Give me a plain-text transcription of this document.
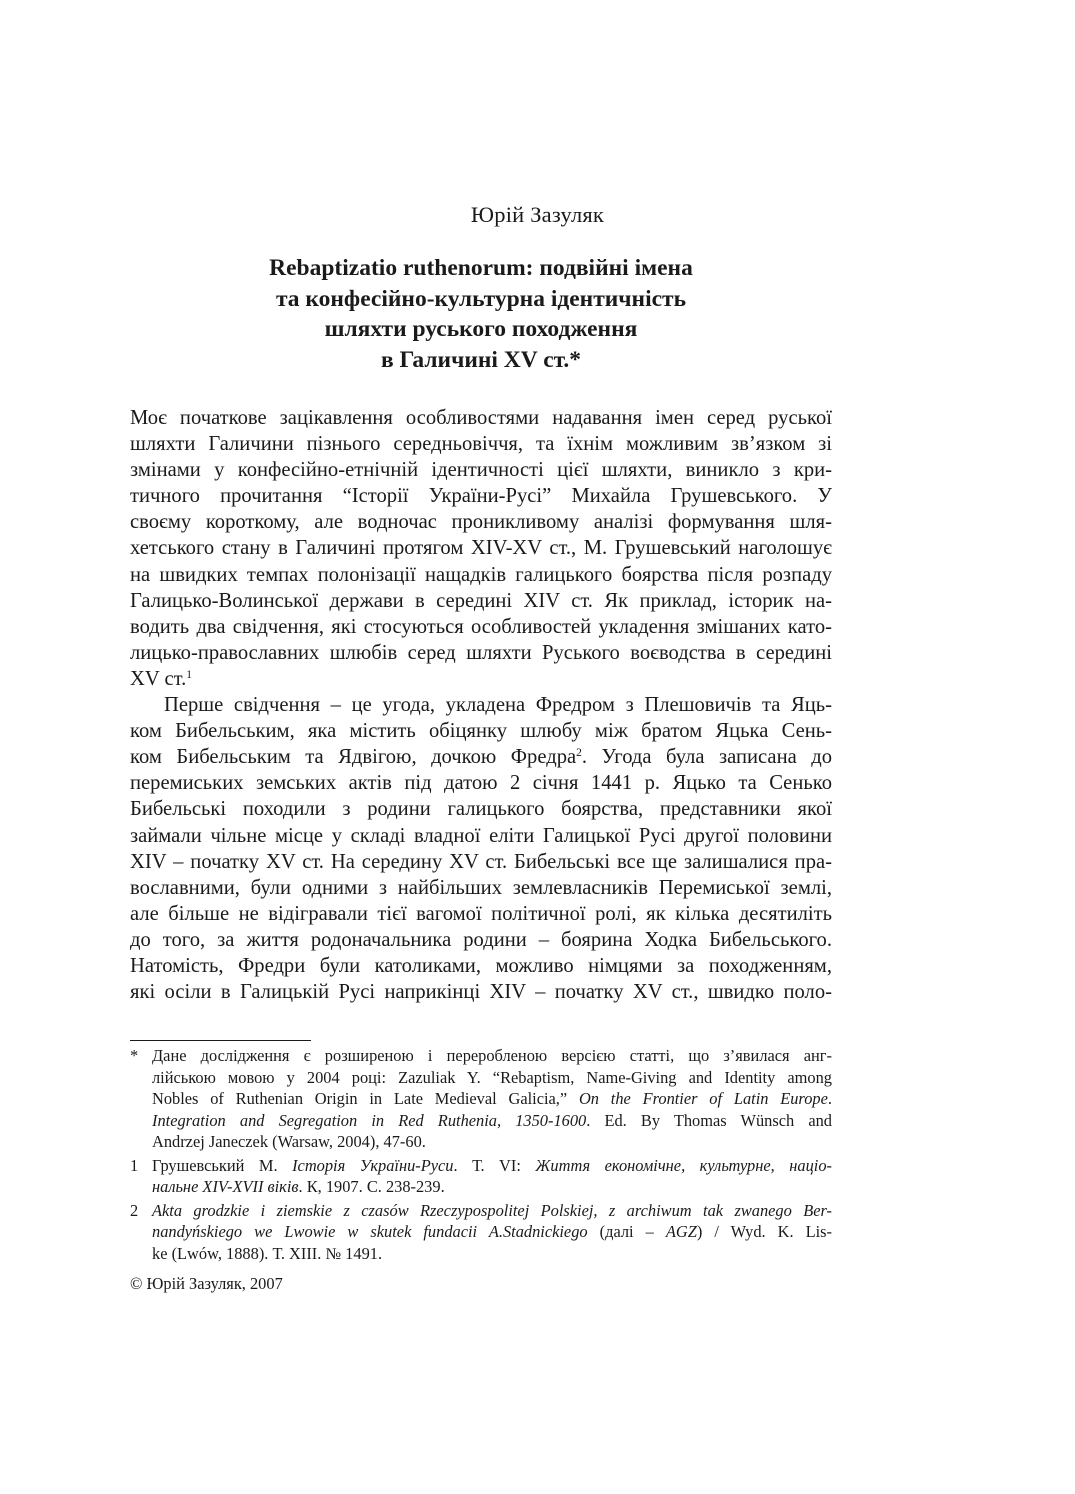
Юрій Зазуляк
Rebaptizatio ruthenorum: подвійні імена
та конфесійно-культурна ідентичність
шляхти руського походження
в Галичині XV ст.*
Моє початкове зацікавлення особливостями надавання імен серед руської
шляхти Галичини пізнього середньовіччя, та їхнім можливим зв’язком зі
змінами у конфесійно-етнічній ідентичності цієї шляхти, виникло з кри-
тичного прочитання “Історії України-Русі” Михайла Грушевського. У
своєму короткому, але водночас проникливому аналізі формування шля-
хетського стану в Галичині протягом XIV-XV ст., М. Грушевський наголошує
на швидких темпах полонізації нащадків галицького боярства після розпаду
Галицько-Волинської держави в середині XIV ст. Як приклад, історик на-
водить два свідчення, які стосуються особливостей укладення змішаних като-
лицько-православних шлюбів серед шляхти Руського воєводства в середині
XV ст.$^1$
Перше свідчення – це угода, укладена Фредром з Плешовичів та Яць-
ком Бибельським, яка містить обіцянку шлюбу між братом Яцька Сень-
ком Бибельським та Ядвігою, дочкою Фредра$^2$. Угода була записана до
перемиських земських актів під датою 2 січня 1441 р. Яцько та Сенько
Бибельські походили з родини галицького боярства, представники якої
займали чільне місце у складі владної еліти Галицької Русі другої половини
XIV – початку XV ст. На середину XV ст. Бибельські все ще залишалися пра-
вославними, були одними з найбільших землевласників Перемиської землі,
але більше не відігравали тієї вагомої політичної ролі, як кілька десятиліть
до того, за життя родоначальника родини – боярина Ходка Бибельського.
Натомість, Фредри були католиками, можливо німцями за походженням,
які осіли в Галицькій Русі наприкінці XIV – початку XV ст., швидко поло-
* Дане дослідження є розширеною і переробленою версією статті, що з’явилася анг-
лійською мовою у 2004 році: Zazuliak Y. “Rebaptism, Name-Giving and Identity among
Nobles of Ruthenian Origin in Late Medieval Galicia,” On the Frontier of Latin Europe.
Integration and Segregation in Red Ruthenia, 1350-1600. Ed. By Thomas Wünsch and
Andrzej Janeczek (Warsaw, 2004), 47-60.
1 Грушевський М. Історія України-Руси. Т. VI: Життя економічне, культурне, націо-
нальне XIV-XVII віків. К, 1907. С. 238-239.
2 Akta grodzkie i ziemskie z czasów Rzeczypospolitej Polskiej, z archiwum tak zwanego Ber-
nandyńskiego we Lwowie w skutek fundacii A.Stadnickiego (далі – AGZ) / Wyd. K. Lis-
ke (Lwów, 1888). Т. XIII. № 1491.
© Юрій Зазуляк, 2007
